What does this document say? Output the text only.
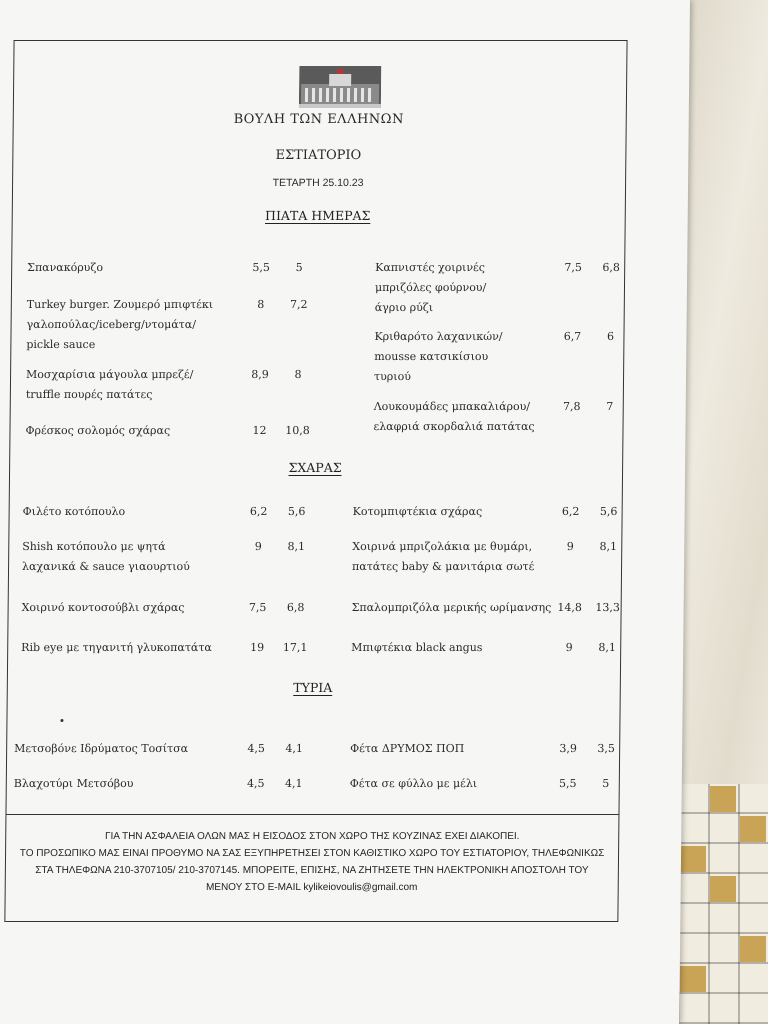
ΒΟΥΛΗ ΤΩΝ ΕΛΛΗΝΩΝ
ΕΣΤΙΑΤΟΡΙΟ
ΤΕΤΑΡΤΗ 25.10.23
ΠΙΑΤΑ ΗΜΕΡΑΣ
ΣΧΑΡΑΣ
ΤΥΡΙΑ
Σπανακόρυζο	5,5	5
Turkey burger. Ζουμερό μπιφτέκι
γαλοπούλας/iceberg/ντομάτα/
pickle sauce
8	7,2
Μοσχαρίσια μάγουλα μπρεζέ/
truffle πουρές πατάτες
8,9	8
Φρέσκος σολομός σχάρας	12	10,8
Καπνιστές χοιρινές
μπριζόλες φούρνου/
άγριο ρύζι
7,5	6,8
Κριθαρότο λαχανικών/
mousse κατσικίσιου
τυριού
6,7	6
Λουκουμάδες μπακαλιάρου/
ελαφριά σκορδαλιά πατάτας
7,8	7
Φιλέτο κοτόπουλο	6,2	5,6
Shish κοτόπουλο με ψητά
λαχανικά & sauce γιαουρτιού
9	8,1
Χοιρινό κοντοσούβλι σχάρας	7,5	6,8
Rib eye με τηγανιτή γλυκοπατάτα	19	17,1
Κοτομπιφτέκια σχάρας	6,2	5,6
Χοιρινά μπριζολάκια με θυμάρι,
πατάτες baby & μανιτάρια σωτέ
9	8,1
Σπαλομπριζόλα μερικής ωρίμανσης 14,8	13,3
Μπιφτέκια black angus	9	8,1
Μετσοβόνε Ιδρύματος Τοσίτσα	4,5	4,1
Βλαχοτύρι Μετσόβου	4,5	4,1
Φέτα ΔΡΥΜΟΣ ΠΟΠ	3,9	3,5
Φέτα σε φύλλο με μέλι	5,5	5
ΓΙΑ ΤΗΝ ΑΣΦΑΛΕΙΑ ΟΛΩΝ ΜΑΣ Η ΕΙΣΟΔΟΣ ΣΤΟΝ ΧΩΡΟ ΤΗΣ ΚΟΥΖΙΝΑΣ ΕΧΕΙ ΔΙΑΚΟΠΕΙ.
ΤΟ ΠΡΟΣΩΠΙΚΟ ΜΑΣ ΕΙΝΑΙ ΠΡΟΘΥΜΟ ΝΑ ΣΑΣ ΕΞΥΠΗΡΕΤΗΣΕΙ ΣΤΟΝ ΚΑΘΙΣΤΙΚΟ ΧΩΡΟ ΤΟΥ ΕΣΤΙΑΤΟΡΙΟΥ, ΤΗΛΕΦΩΝΙΚΩΣ
ΣΤΑ ΤΗΛΕΦΩΝΑ 210-3707105/ 210-3707145. ΜΠΟΡΕΙΤΕ, ΕΠΙΣΗΣ, ΝΑ ΖΗΤΗΣΕΤΕ ΤΗΝ ΗΛΕΚΤΡΟΝΙΚΗ ΑΠΟΣΤΟΛΗ ΤΟΥ
ΜΕΝΟΥ ΣΤΟ E-MAIL kylikeiovoulis@gmail.com
